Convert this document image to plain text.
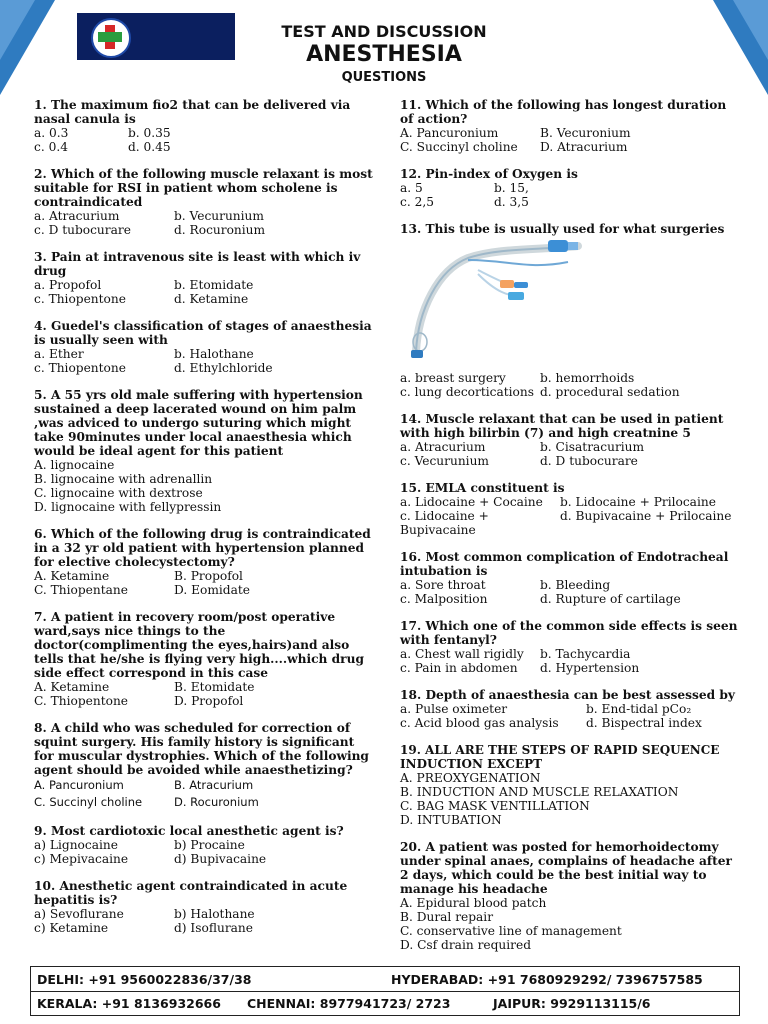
TEST AND DISCUSSION
ANESTHESIA
QUESTIONS
1. The maximum fio2 that can be delivered via nasal canula is
a. 0.3	b. 0.35
c. 0.4	d. 0.45
2. Which of the following muscle relaxant is most suitable for RSI in patient whom scholene is contraindicated
a. Atracurium	b. Vecurunium
c. D tubocurare	d. Rocuronium
3. Pain at intravenous site is least with which iv drug
a. Propofol	b. Etomidate
c. Thiopentone	d. Ketamine
4. Guedel's classification of stages of anaesthesia is usually seen with
a. Ether	b. Halothane
c. Thiopentone	d. Ethylchloride
5. A 55 yrs old male suffering with hypertension sustained a deep lacerated wound on him palm ,was adviced to undergo suturing which might take 90minutes under local anaesthesia which would be ideal agent for this patient
A. lignocaine
B. lignocaine with adrenallin
C. lignocaine with dextrose
D. lignocaine with fellypressin
6. Which of the following drug is contraindicated in a 32 yr old patient with hypertension planned for elective cholecystectomy?
A. Ketamine	B. Propofol
C. Thiopentane	D. Eomidate
7. A patient in recovery room/post operative ward,says nice things to the doctor(complimenting the eyes,hairs)and also tells that he/she is flying very high....which drug side effect correspond in this case
A. Ketamine	B. Etomidate
C. Thiopentone	D. Propofol
8. A child who was scheduled for correction of squint surgery. His family history is significant for muscular dystrophies. Which of the following agent should be avoided while anaesthetizing?
A. Pancuronium	B. Atracurium
C. Succinyl choline	D. Rocuronium
9. Most cardiotoxic local anesthetic agent is?
a) Lignocaine	b) Procaine
c) Mepivacaine	d) Bupivacaine
10. Anesthetic agent contraindicated in acute hepatitis is?
a) Sevoflurane	b) Halothane
c) Ketamine	d) Isoflurane
11. Which of the following has longest duration of action?
A. Pancuronium	B. Vecuronium
C. Succinyl choline	D. Atracurium
12. Pin-index of Oxygen is
a. 5	b. 15,
c. 2,5	d. 3,5
13. This tube is usually used for what surgeries
a. breast surgery	b. hemorrhoids
c. lung decortications d. procedural sedation
14. Muscle relaxant that can be used in patient with high bilirbin (7) and high creatnine 5
a. Atracurium	b. Cisatracurium
c. Vecurunium	d. D tubocurare
15. EMLA constituent is
a. Lidocaine + Cocaine	b. Lidocaine + Prilocaine
c. Lidocaine + Bupivacaine
d. Bupivacaine + Prilocaine
16. Most common complication of Endotracheal intubation is
a. Sore throat	b. Bleeding
c. Malposition	d. Rupture of cartilage
17. Which one of the common side effects is seen with fentanyl?
a. Chest wall rigidly	b. Tachycardia
c. Pain in abdomen	d. Hypertension
18. Depth of anaesthesia can be best assessed by
a. Pulse oximeter	b. End-tidal pCo₂
c. Acid blood gas analysis	d. Bispectral index
19. ALL ARE THE STEPS OF RAPID SEQUENCE INDUCTION EXCEPT
A. PREOXYGENATION
B. INDUCTION AND MUSCLE RELAXATION
C. BAG MASK VENTILLATION
D. INTUBATION
20. A patient was posted for hemorhoidectomy under spinal anaes, complains of headache after 2 days, which could be the best initial way to manage his headache
A. Epidural blood patch
B. Dural repair
C. conservative line of management
D. Csf drain required
DELHI: +91 9560022836/37/38	HYDERABAD: +91 7680929292/ 7396757585
KERALA: +91 8136932666 CHENNAI: 8977941723/ 2723	JAIPUR: 9929113115/6
